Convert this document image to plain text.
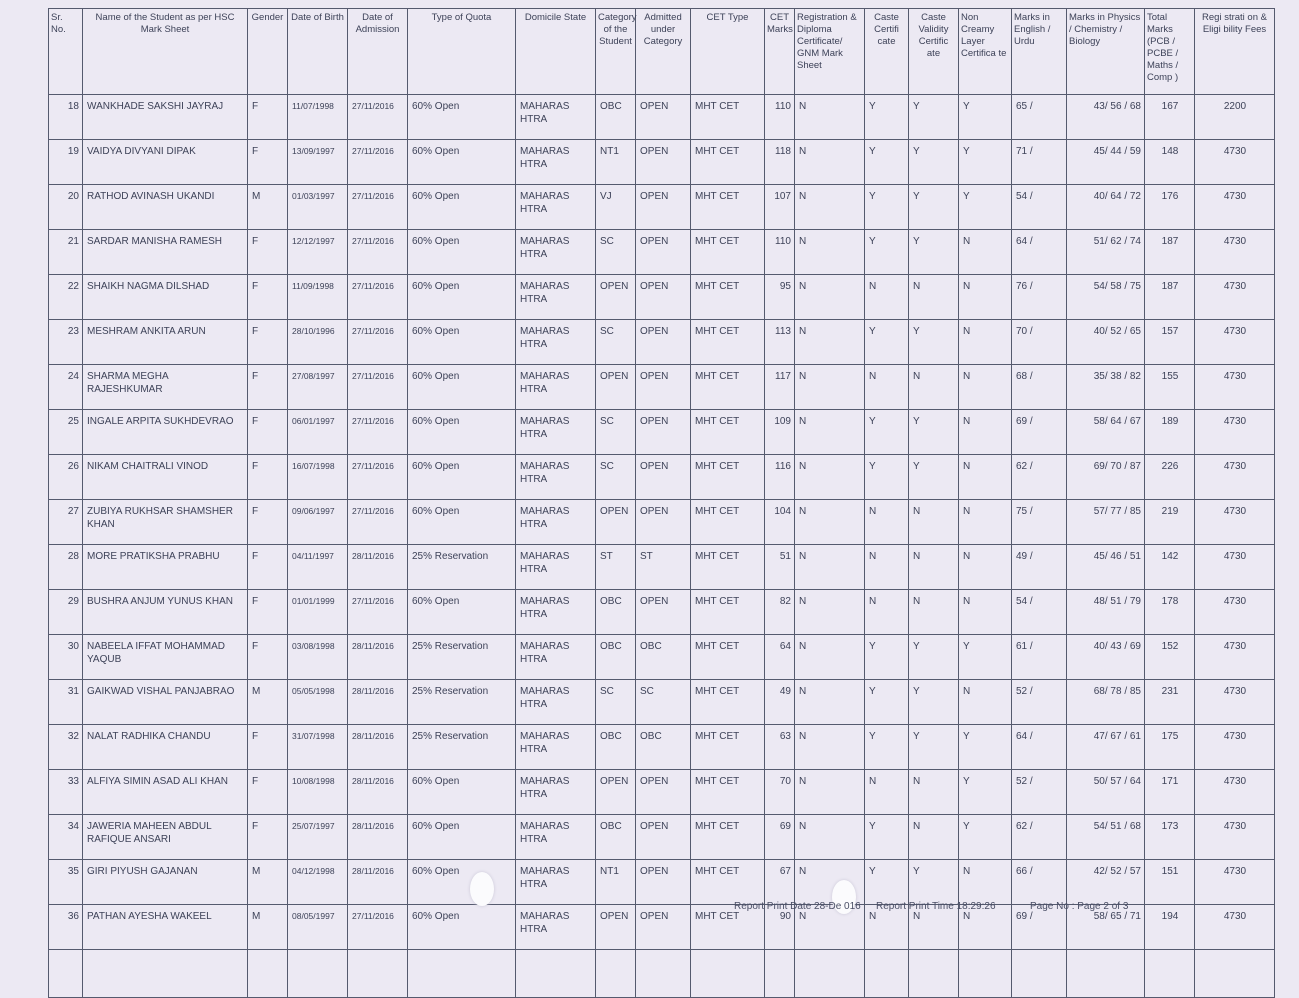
Sr. No.	Name of the Student as per HSC Mark Sheet	Gender	Date of Birth	Date of Admission	Type of Quota	Domicile State	Category of the Student	Admitted under Category	CET Type	CET Marks	Registration & Diploma Certificate/ GNM Mark Sheet	Caste Certifi cate	Caste Validity Certific ate	Non Creamy Layer Certifica te	Marks in English / Urdu	Marks in Physics / Chemistry / Biology	Total Marks (PCB / PCBE / Maths / Comp )	Regi strati on & Eligi bility Fees
18	WANKHADE SAKSHI JAYRAJ	F	11/07/1998	27/11/2016	60% Open	MAHARAS HTRA	OBC	OPEN	MHT CET	110	N	Y	Y	Y	65 /	43/ 56 / 68	167	2200
19	VAIDYA DIVYANI DIPAK	F	13/09/1997	27/11/2016	60% Open	MAHARAS HTRA	NT1	OPEN	MHT CET	118	N	Y	Y	Y	71 /	45/ 44 / 59	148	4730
20	RATHOD AVINASH UKANDI	M	01/03/1997	27/11/2016	60% Open	MAHARAS HTRA	VJ	OPEN	MHT CET	107	N	Y	Y	Y	54 /	40/ 64 / 72	176	4730
21	SARDAR MANISHA RAMESH	F	12/12/1997	27/11/2016	60% Open	MAHARAS HTRA	SC	OPEN	MHT CET	110	N	Y	Y	N	64 /	51/ 62 / 74	187	4730
22	SHAIKH NAGMA DILSHAD	F	11/09/1998	27/11/2016	60% Open	MAHARAS HTRA	OPEN	OPEN	MHT CET	95	N	N	N	N	76 /	54/ 58 / 75	187	4730
23	MESHRAM ANKITA ARUN	F	28/10/1996	27/11/2016	60% Open	MAHARAS HTRA	SC	OPEN	MHT CET	113	N	Y	Y	N	70 /	40/ 52 / 65	157	4730
24	SHARMA MEGHA RAJESHKUMAR	F	27/08/1997	27/11/2016	60% Open	MAHARAS HTRA	OPEN	OPEN	MHT CET	117	N	N	N	N	68 /	35/ 38 / 82	155	4730
25	INGALE ARPITA SUKHDEVRAO	F	06/01/1997	27/11/2016	60% Open	MAHARAS HTRA	SC	OPEN	MHT CET	109	N	Y	Y	N	69 /	58/ 64 / 67	189	4730
26	NIKAM CHAITRALI VINOD	F	16/07/1998	27/11/2016	60% Open	MAHARAS HTRA	SC	OPEN	MHT CET	116	N	Y	Y	N	62 /	69/ 70 / 87	226	4730
27	ZUBIYA RUKHSAR SHAMSHER KHAN	F	09/06/1997	27/11/2016	60% Open	MAHARAS HTRA	OPEN	OPEN	MHT CET	104	N	N	N	N	75 /	57/ 77 / 85	219	4730
28	MORE PRATIKSHA PRABHU	F	04/11/1997	28/11/2016	25% Reservation	MAHARAS HTRA	ST	ST	MHT CET	51	N	N	N	N	49 /	45/ 46 / 51	142	4730
29	BUSHRA ANJUM YUNUS KHAN	F	01/01/1999	27/11/2016	60% Open	MAHARAS HTRA	OBC	OPEN	MHT CET	82	N	N	N	N	54 /	48/ 51 / 79	178	4730
30	NABEELA IFFAT MOHAMMAD YAQUB	F	03/08/1998	28/11/2016	25% Reservation	MAHARAS HTRA	OBC	OBC	MHT CET	64	N	Y	Y	Y	61 /	40/ 43 / 69	152	4730
31	GAIKWAD VISHAL PANJABRAO	M	05/05/1998	28/11/2016	25% Reservation	MAHARAS HTRA	SC	SC	MHT CET	49	N	Y	Y	N	52 /	68/ 78 / 85	231	4730
32	NALAT RADHIKA CHANDU	F	31/07/1998	28/11/2016	25% Reservation	MAHARAS HTRA	OBC	OBC	MHT CET	63	N	Y	Y	Y	64 /	47/ 67 / 61	175	4730
33	ALFIYA SIMIN ASAD ALI KHAN	F	10/08/1998	28/11/2016	60% Open	MAHARAS HTRA	OPEN	OPEN	MHT CET	70	N	N	N	Y	52 /	50/ 57 / 64	171	4730
34	JAWERIA MAHEEN ABDUL RAFIQUE ANSARI	F	25/07/1997	28/11/2016	60% Open	MAHARAS HTRA	OBC	OPEN	MHT CET	69	N	Y	N	Y	62 /	54/ 51 / 68	173	4730
35	GIRI PIYUSH GAJANAN	M	04/12/1998	28/11/2016	60% Open	MAHARAS HTRA	NT1	OPEN	MHT CET	67	N	Y	Y	N	66 /	42/ 52 / 57	151	4730
36	PATHAN AYESHA WAKEEL	M	08/05/1997	27/11/2016	60% Open	MAHARAS HTRA	OPEN	OPEN	MHT CET	90	N	N	N	N	69 /	58/ 65 / 71	194	4730

Report Print Date 28-De 016 Report Print Time 18:29:26	Page No : Page 2 of 3
